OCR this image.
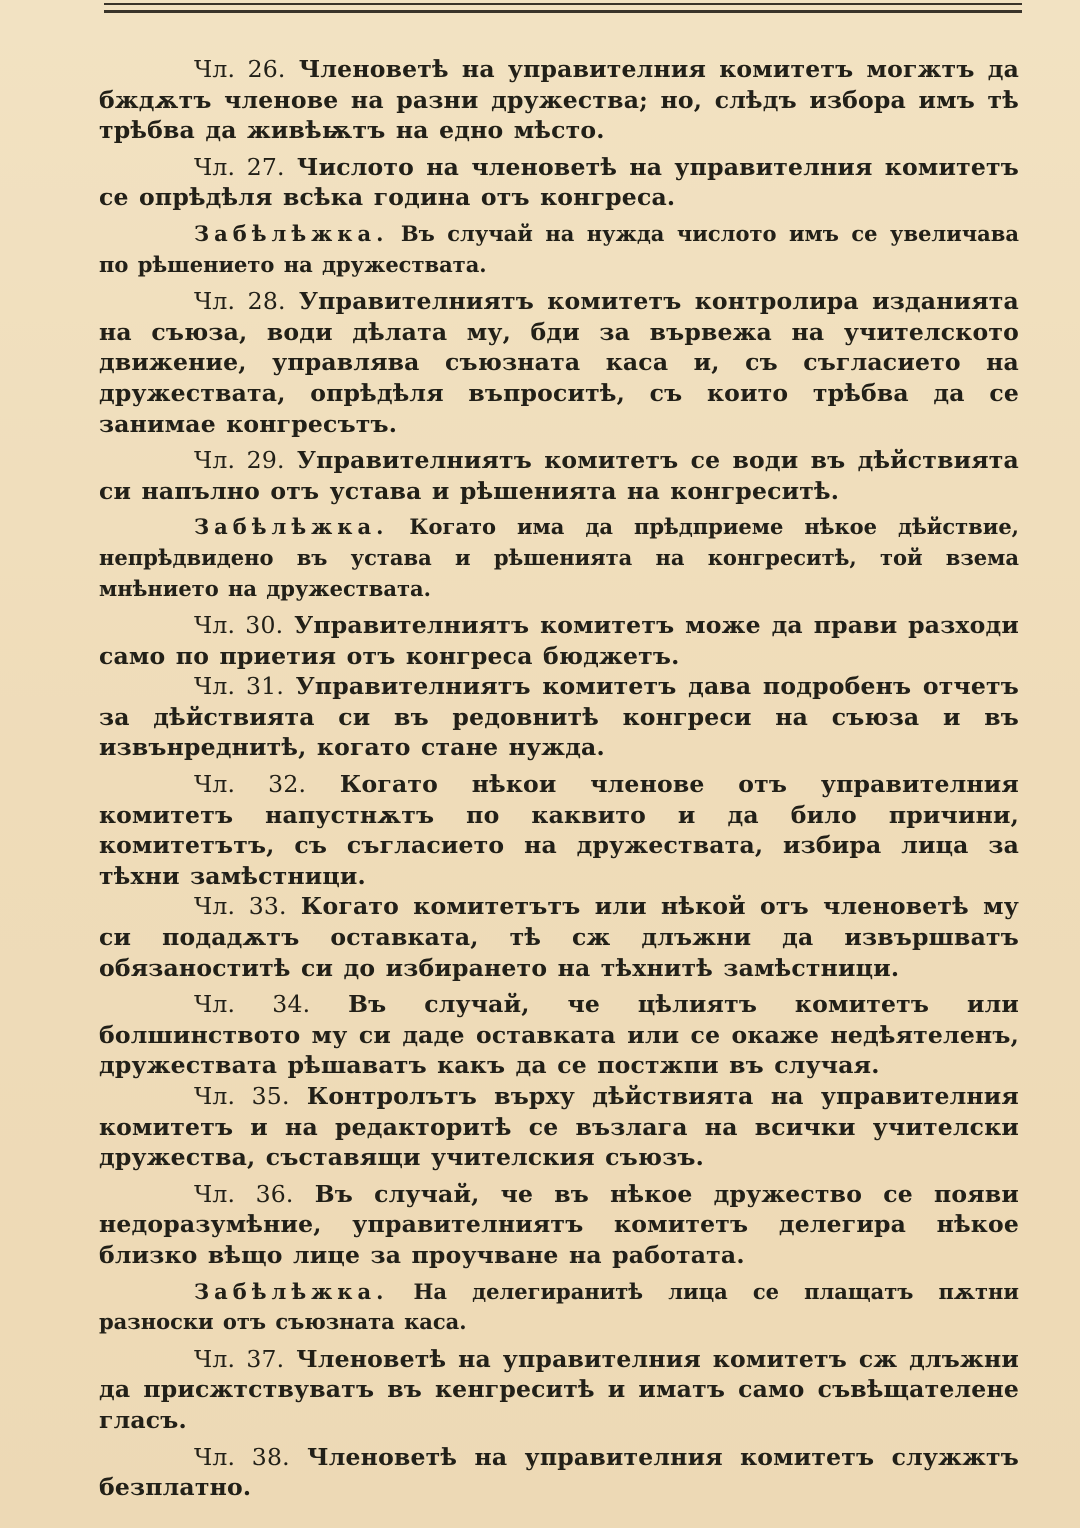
Чл. 26. Членоветѣ на управителния комитетъ могжтъ да бждѫтъ членове на разни дружества; но, слѣдъ избора имъ тѣ трѣбва да живѣѭтъ на едно мѣсто.

Чл. 27. Числото на членоветѣ на управителния комитетъ се опрѣдѣля всѣка година отъ конгреса.

Забѣлѣжка. Въ случай на нужда числото имъ се увеличава по рѣшението на дружествата.

Чл. 28. Управителниятъ комитетъ контролира изданията на съюза, води дѣлата му, бди за вървежа на учителското движение, управлява съюзната каса и, съ съгласието на дружествата, опрѣдѣля въпроситѣ, съ които трѣбва да се занимае конгресътъ.

Чл. 29. Управителниятъ комитетъ се води въ дѣйствията си напълно отъ устава и рѣшенията на конгреситѣ.

Забѣлѣжка. Когато има да прѣдприеме нѣкое дѣйствие, непрѣдвидено въ устава и рѣшенията на конгреситѣ, той взема мнѣнието на дружествата.

Чл. 30. Управителниятъ комитетъ може да прави разходи само по приетия отъ конгреса бюджетъ.

Чл. 31. Управителниятъ комитетъ дава подробенъ отчетъ за дѣйствията си въ редовнитѣ конгреси на съюза и въ извънреднитѣ, когато стане нужда.

Чл. 32. Когато нѣкои членове отъ управителния комитетъ напустнѫтъ по каквито и да било причини, комитетътъ, съ съгласието на дружествата, избира лица за тѣхни замѣстници.

Чл. 33. Когато комитетътъ или нѣкой отъ членоветѣ му си подадѫтъ оставката, тѣ сж длъжни да извършватъ обязаноститѣ си до избирането на тѣхнитѣ замѣстници.

Чл. 34. Въ случай, че цѣлиятъ комитетъ или болшинството му си даде оставката или се окаже недѣятеленъ, дружествата рѣшаватъ какъ да се постжпи въ случая.

Чл. 35. Контролътъ върху дѣйствията на управителния комитетъ и на редакторитѣ се възлага на всички учителски дружества, съставящи учителския съюзъ.

Чл. 36. Въ случай, че въ нѣкое дружество се появи недоразумѣние, управителниятъ комитетъ делегира нѣкое близко вѣщо лице за проучване на работата.

Забѣлѣжка. На делегиранитѣ лица се плащатъ пѫтни разноски отъ съюзната каса.

Чл. 37. Членоветѣ на управителния комитетъ сж длъжни да присжтствуватъ въ кенгреситѣ и иматъ само съвѣщателене гласъ.

Чл. 38. Членоветѣ на управителния комитетъ служжтъ безплатно.
